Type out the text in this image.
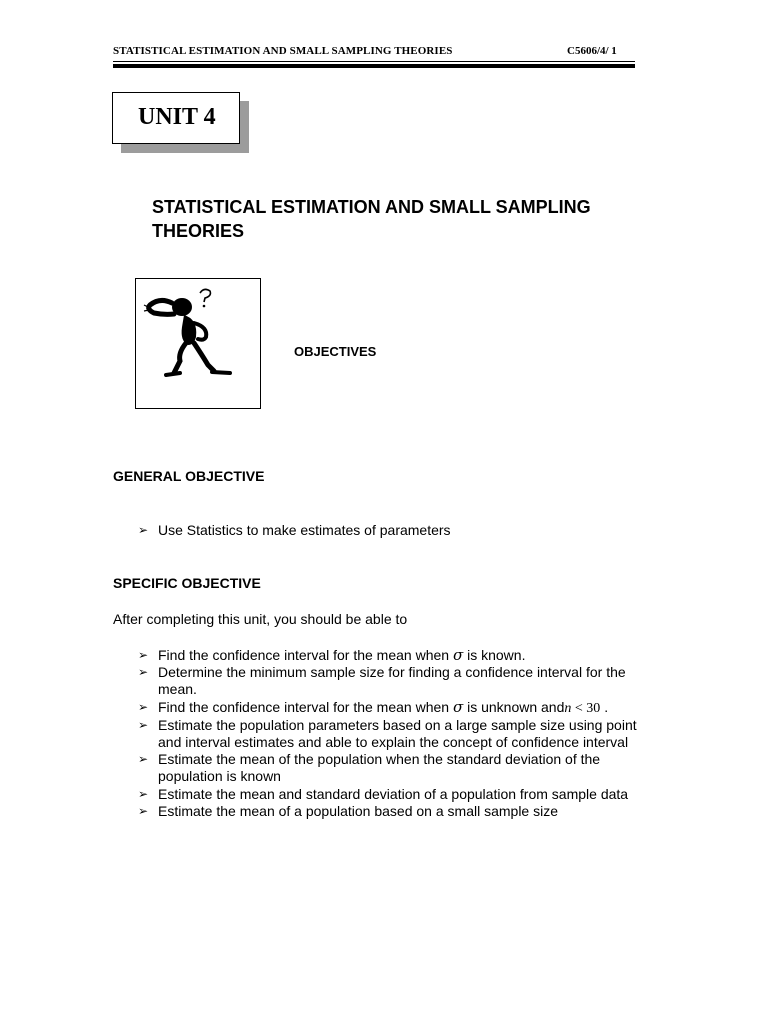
STATISTICAL ESTIMATION AND SMALL SAMPLING THEORIES	C5606/4/ 1
UNIT 4
STATISTICAL ESTIMATION AND SMALL SAMPLING THEORIES
OBJECTIVES
GENERAL OBJECTIVE
➢ Use Statistics to make estimates of parameters
SPECIFIC OBJECTIVE
After completing this unit, you should be able to
➢ Find the confidence interval for the mean when σ is known.
➢ Determine the minimum sample size for finding a confidence interval for the mean.
➢ Find the confidence interval for the mean when σ is unknown andn < 30 .
➢ Estimate the population parameters based on a large sample size using point and interval estimates and able to explain the concept of confidence interval
➢ Estimate the mean of the population when the standard deviation of the population is known
➢ Estimate the mean and standard deviation of a population from sample data
➢ Estimate the mean of a population based on a small sample size
